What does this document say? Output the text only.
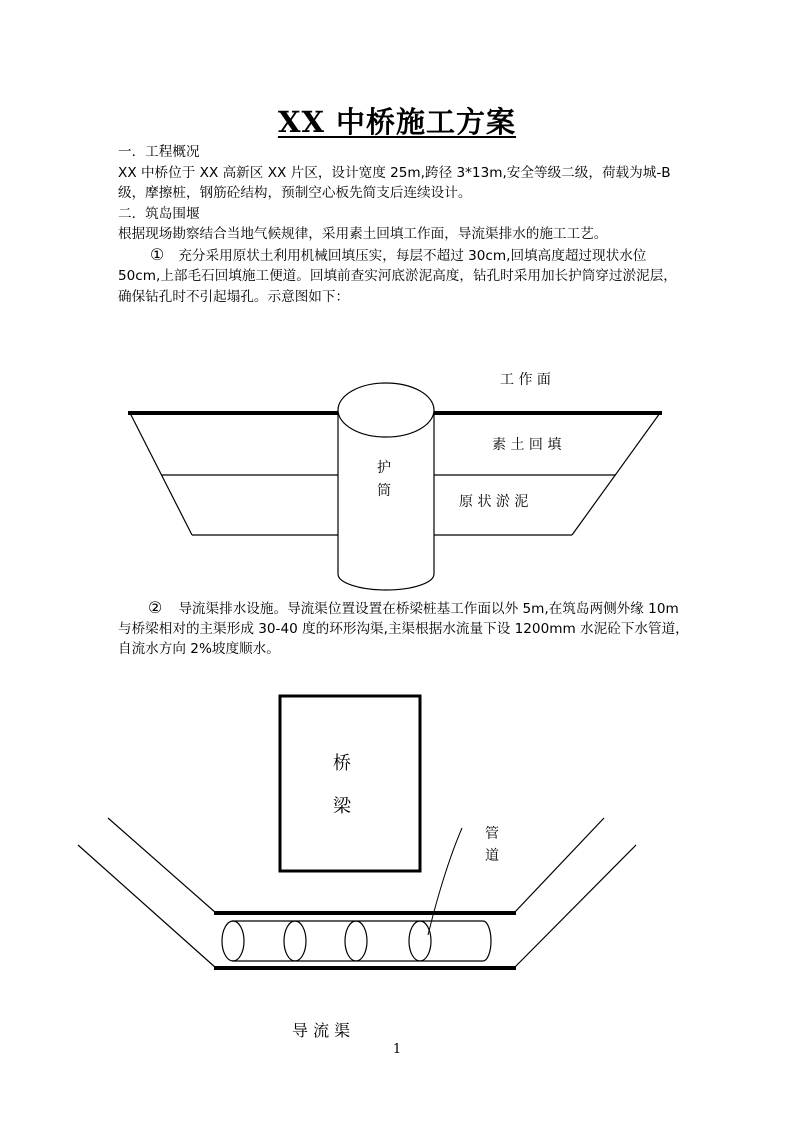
XX 中桥施工方案
一．工程概况
XX 中桥位于 XX 高新区 XX 片区，设计宽度 25m,跨径 3*13m,安全等级二级，荷载为城-B
级，摩擦桩，钢筋砼结构，预制空心板先简支后连续设计。
二．筑岛围堰
根据现场勘察结合当地气候规律，采用素土回填工作面，导流渠排水的施工工艺。
① 充分采用原状土利用机械回填压实，每层不超过 30cm,回填高度超过现状水位
50cm,上部毛石回填施工便道。回填前查实河底淤泥高度，钻孔时采用加长护筒穿过淤泥层，
确保钻孔时不引起塌孔。示意图如下：
工 作 面
素 土 回 填
原 状 淤 泥
护
筒
② 导流渠排水设施。导流渠位置设置在桥梁桩基工作面以外 5m,在筑岛两侧外缘 10m
与桥梁相对的主渠形成 30-40 度的环形沟渠,主渠根据水流量下设 1200mm 水泥砼下水管道，
自流水方向 2%坡度顺水。
桥
梁
管
道
导 流 渠
1
